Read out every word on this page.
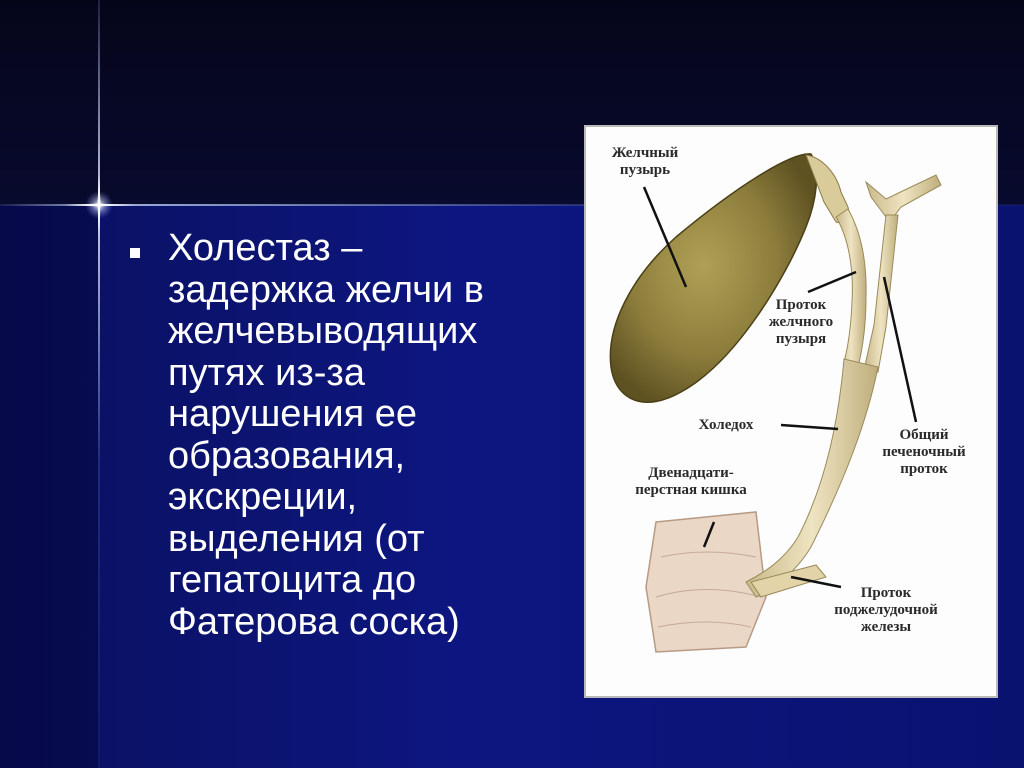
Холестаз – задержка желчи в желчевыводящих путях из-за нарушения ее образования, экскреции, выделения (от гепатоцита до Фатерова соска)
Желчный
пузырь
Проток
желчного
пузыря
Холедох
Общий
печеночный
проток
Двенадцати-
перстная кишка
Проток
поджелудочной
железы
